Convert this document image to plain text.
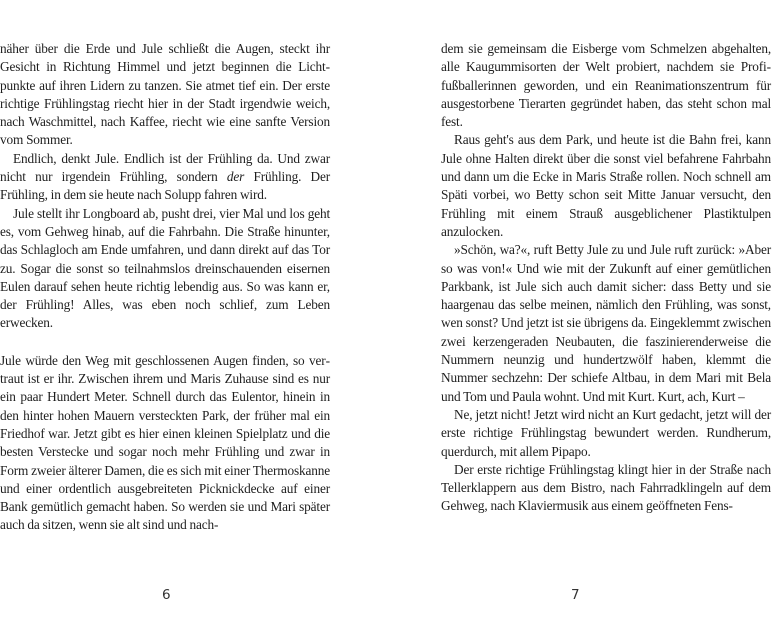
näher über die Erde und Jule schließt die Augen, steckt ihr Gesicht in Richtung Himmel und jetzt beginnen die Lichtpunkte auf ihren Lidern zu tanzen. Sie atmet tief ein. Der erste richtige Frühlingstag riecht hier in der Stadt irgendwie weich, nach Waschmittel, nach Kaffee, riecht wie eine sanfte Version vom Sommer.

Endlich, denkt Jule. Endlich ist der Frühling da. Und zwar nicht nur irgendein Frühling, sondern der Frühling. Der Frühling, in dem sie heute nach Solupp fahren wird.

Jule stellt ihr Longboard ab, pusht drei, vier Mal und los geht es, vom Gehweg hinab, auf die Fahrbahn. Die Straße hinunter, das Schlagloch am Ende umfahren, und dann direkt auf das Tor zu. Sogar die sonst so teilnahmslos dreinschauenden eisernen Eulen darauf sehen heute richtig lebendig aus. So was kann er, der Frühling! Alles, was eben noch schlief, zum Leben erwecken.

Jule würde den Weg mit geschlossenen Augen finden, so vertraut ist er ihr. Zwischen ihrem und Maris Zuhause sind es nur ein paar Hundert Meter. Schnell durch das Eulentor, hinein in den hinter hohen Mauern versteckten Park, der früher mal ein Friedhof war. Jetzt gibt es hier einen kleinen Spielplatz und die besten Verstecke und sogar noch mehr Frühling und zwar in Form zweier älterer Damen, die es sich mit einer Thermoskanne und einer ordentlich ausgebreiteten Picknickdecke auf einer Bank gemütlich gemacht haben. So werden sie und Mari später auch da sitzen, wenn sie alt sind und nach-

dem sie gemeinsam die Eisberge vom Schmelzen abgehalten, alle Kaugummisorten der Welt probiert, nachdem sie Profifußballerinnen geworden, und ein Reanimationszentrum für ausgestorbene Tierarten gegründet haben, das steht schon mal fest.

Raus geht's aus dem Park, und heute ist die Bahn frei, kann Jule ohne Halten direkt über die sonst viel befahrene Fahrbahn und dann um die Ecke in Maris Straße rollen. Noch schnell am Späti vorbei, wo Betty schon seit Mitte Januar versucht, den Frühling mit einem Strauß ausgeblichener Plastiktulpen anzulocken.

»Schön, wa?«, ruft Betty Jule zu und Jule ruft zurück: »Aber so was von!« Und wie mit der Zukunft auf einer gemütlichen Parkbank, ist Jule sich auch damit sicher: dass Betty und sie haargenau das selbe meinen, nämlich den Frühling, was sonst, wen sonst? Und jetzt ist sie übrigens da. Eingeklemmt zwischen zwei kerzengeraden Neubauten, die faszinierenderweise die Nummern neunzig und hundertzwölf haben, klemmt die Nummer sechzehn: Der schiefe Altbau, in dem Mari mit Bela und Tom und Paula wohnt. Und mit Kurt. Kurt, ach, Kurt –

Ne, jetzt nicht! Jetzt wird nicht an Kurt gedacht, jetzt will der erste richtige Frühlingstag bewundert werden. Rundherum, querdurch, mit allem Pipapo.

Der erste richtige Frühlingstag klingt hier in der Straße nach Tellerklappern aus dem Bistro, nach Fahrradklingeln auf dem Gehweg, nach Klaviermusik aus einem geöffneten Fens-

6	7
